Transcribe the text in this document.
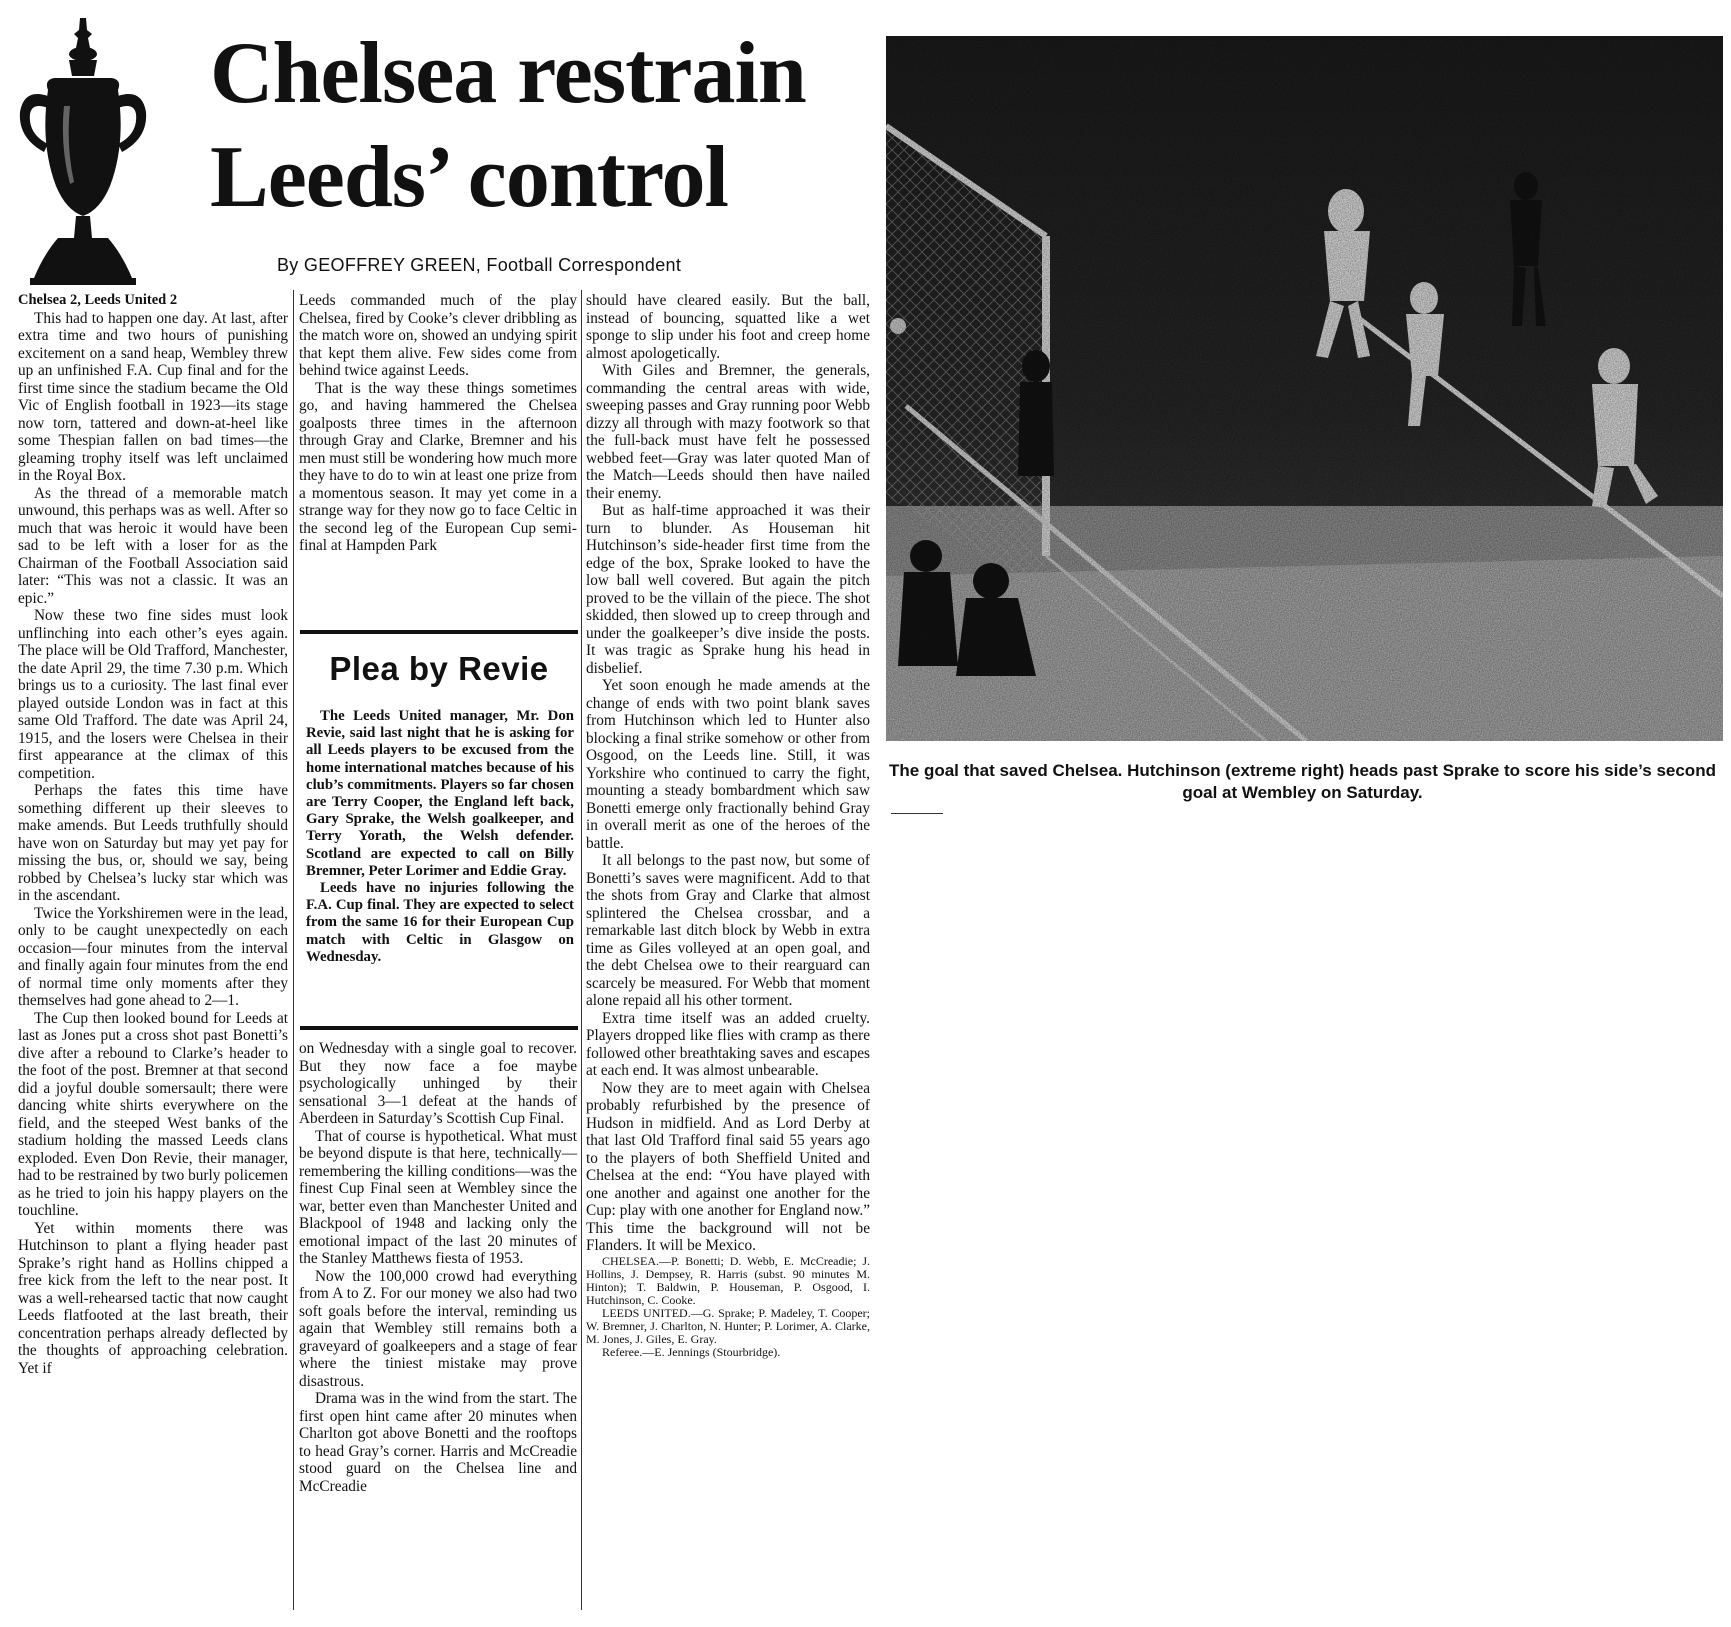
Chelsea restrain
Leeds’ control

By GEOFFREY GREEN, Football Correspondent

Chelsea 2, Leeds United 2

This had to happen one day. At last, after extra time and two hours of punishing excitement on a sand heap, Wembley threw up an unfinished F.A. Cup final and for the first time since the stadium became the Old Vic of English football in 1923—its stage now torn, tattered and down-at-heel like some Thespian fallen on bad times—the gleaming trophy itself was left unclaimed in the Royal Box.

As the thread of a memorable match unwound, this perhaps was as well. After so much that was heroic it would have been sad to be left with a loser for as the Chairman of the Football Association said later: “This was not a classic. It was an epic.”

Now these two fine sides must look unflinching into each other’s eyes again. The place will be Old Trafford, Manchester, the date April 29, the time 7.30 p.m. Which brings us to a curiosity. The last final ever played outside London was in fact at this same Old Trafford. The date was April 24, 1915, and the losers were Chelsea in their first appearance at the climax of this competition.

Perhaps the fates this time have something different up their sleeves to make amends. But Leeds truthfully should have won on Saturday but may yet pay for missing the bus, or, should we say, being robbed by Chelsea’s lucky star which was in the ascendant.

Twice the Yorkshiremen were in the lead, only to be caught unexpectedly on each occasion—four minutes from the interval and finally again four minutes from the end of normal time only moments after they themselves had gone ahead to 2—1.

The Cup then looked bound for Leeds at last as Jones put a cross shot past Bonetti’s dive after a rebound to Clarke’s header to the foot of the post. Bremner at that second did a joyful double somersault; there were dancing white shirts everywhere on the field, and the steeped West banks of the stadium holding the massed Leeds clans exploded. Even Don Revie, their manager, had to be restrained by two burly policemen as he tried to join his happy players on the touchline.

Yet within moments there was Hutchinson to plant a flying header past Sprake’s right hand as Hollins chipped a free kick from the left to the near post. It was a well-rehearsed tactic that now caught Leeds flatfooted at the last breath, their concentration perhaps already deflected by the thoughts of approaching celebration. Yet if

Leeds commanded much of the play Chelsea, fired by Cooke’s clever dribbling as the match wore on, showed an undying spirit that kept them alive. Few sides come from behind twice against Leeds.

That is the way these things sometimes go, and having hammered the Chelsea goalposts three times in the afternoon through Gray and Clarke, Bremner and his men must still be wondering how much more they have to do to win at least one prize from a momentous season. It may yet come in a strange way for they now go to face Celtic in the second leg of the European Cup semi-final at Hampden Park

Plea by Revie

The Leeds United manager, Mr. Don Revie, said last night that he is asking for all Leeds players to be excused from the home international matches because of his club’s commitments. Players so far chosen are Terry Cooper, the England left back, Gary Sprake, the Welsh goalkeeper, and Terry Yorath, the Welsh defender. Scotland are expected to call on Billy Bremner, Peter Lorimer and Eddie Gray.

Leeds have no injuries following the F.A. Cup final. They are expected to select from the same 16 for their European Cup match with Celtic in Glasgow on Wednesday.

on Wednesday with a single goal to recover. But they now face a foe maybe psychologically unhinged by their sensational 3—1 defeat at the hands of Aberdeen in Saturday’s Scottish Cup Final.

That of course is hypothetical. What must be beyond dispute is that here, technically—remembering the killing conditions—was the finest Cup Final seen at Wembley since the war, better even than Manchester United and Blackpool of 1948 and lacking only the emotional impact of the last 20 minutes of the Stanley Matthews fiesta of 1953.

Now the 100,000 crowd had everything from A to Z. For our money we also had two soft goals before the interval, reminding us again that Wembley still remains both a graveyard of goalkeepers and a stage of fear where the tiniest mistake may prove disastrous.

Drama was in the wind from the start. The first open hint came after 20 minutes when Charlton got above Bonetti and the rooftops to head Gray’s corner. Harris and McCreadie stood guard on the Chelsea line and McCreadie

should have cleared easily. But the ball, instead of bouncing, squatted like a wet sponge to slip under his foot and creep home almost apologetically.

With Giles and Bremner, the generals, commanding the central areas with wide, sweeping passes and Gray running poor Webb dizzy all through with mazy footwork so that the full-back must have felt he possessed webbed feet—Gray was later quoted Man of the Match—Leeds should then have nailed their enemy.

But as half-time approached it was their turn to blunder. As Houseman hit Hutchinson’s side-header first time from the edge of the box, Sprake looked to have the low ball well covered. But again the pitch proved to be the villain of the piece. The shot skidded, then slowed up to creep through and under the goalkeeper’s dive inside the posts. It was tragic as Sprake hung his head in disbelief.

Yet soon enough he made amends at the change of ends with two point blank saves from Hutchinson which led to Hunter also blocking a final strike somehow or other from Osgood, on the Leeds line. Still, it was Yorkshire who continued to carry the fight, mounting a steady bombardment which saw Bonetti emerge only fractionally behind Gray in overall merit as one of the heroes of the battle.

It all belongs to the past now, but some of Bonetti’s saves were magnificent. Add to that the shots from Gray and Clarke that almost splintered the Chelsea crossbar, and a remarkable last ditch block by Webb in extra time as Giles volleyed at an open goal, and the debt Chelsea owe to their rearguard can scarcely be measured. For Webb that moment alone repaid all his other torment.

Extra time itself was an added cruelty. Players dropped like flies with cramp as there followed other breathtaking saves and escapes at each end. It was almost unbearable.

Now they are to meet again with Chelsea probably refurbished by the presence of Hudson in midfield. And as Lord Derby at that last Old Trafford final said 55 years ago to the players of both Sheffield United and Chelsea at the end: “You have played with one another and against one another for the Cup: play with one another for England now.” This time the background will not be Flanders. It will be Mexico.

CHELSEA.—P. Bonetti; D. Webb, E. McCreadie; J. Hollins, J. Dempsey, R. Harris (subst. 90 minutes M. Hinton); T. Baldwin, P. Houseman, P. Osgood, I. Hutchinson, C. Cooke.

LEEDS UNITED.—G. Sprake; P. Madeley, T. Cooper; W. Bremner, J. Charlton, N. Hunter; P. Lorimer, A. Clarke, M. Jones, J. Giles, E. Gray.

Referee.—E. Jennings (Stourbridge).

The goal that saved Chelsea. Hutchinson (extreme right) heads past Sprake to score his side’s second goal at Wembley on Saturday.
